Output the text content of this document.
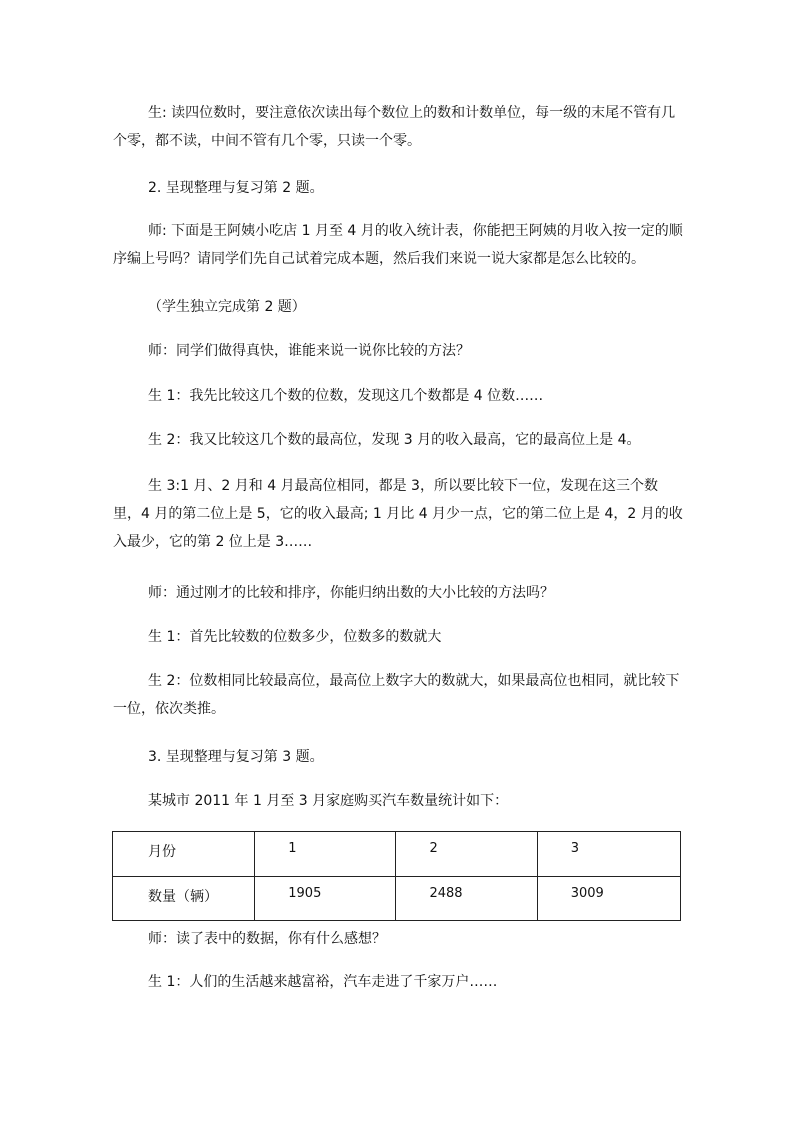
生: 读四位数时，要注意依次读出每个数位上的数和计数单位，每一级的末尾不管有几个零，都不读，中间不管有几个零，只读一个零。

2. 呈现整理与复习第 2 题。

师: 下面是王阿姨小吃店 1 月至 4 月的收入统计表，你能把王阿姨的月收入按一定的顺序编上号吗？请同学们先自己试着完成本题，然后我们来说一说大家都是怎么比较的。

（学生独立完成第 2 题）

师：同学们做得真快，谁能来说一说你比较的方法？

生 1：我先比较这几个数的位数，发现这几个数都是 4 位数……

生 2：我又比较这几个数的最高位，发现 3 月的收入最高，它的最高位上是 4。

生 3:1 月、2 月和 4 月最高位相同，都是 3，所以要比较下一位，发现在这三个数里，4 月的第二位上是 5，它的收入最高; 1 月比 4 月少一点，它的第二位上是 4，2 月的收入最少，它的第 2 位上是 3……

师：通过刚才的比较和排序，你能归纳出数的大小比较的方法吗？

生 1：首先比较数的位数多少，位数多的数就大

生 2：位数相同比较最高位，最高位上数字大的数就大，如果最高位也相同，就比较下一位，依次类推。

3. 呈现整理与复习第 3 题。

某城市 2011 年 1 月至 3 月家庭购买汽车数量统计如下：

月份	1	2	3
数量（辆）	1905	2488	3009

师：读了表中的数据，你有什么感想？

生 1：人们的生活越来越富裕，汽车走进了千家万户……
